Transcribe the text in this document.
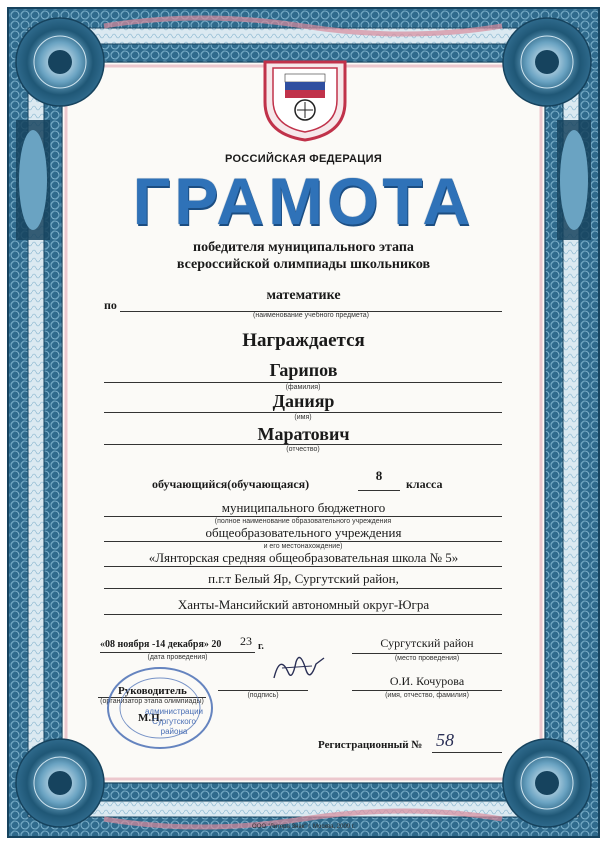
РОССИЙСКАЯ ФЕДЕРАЦИЯ
ГРАМОТА
победителя муниципального этапа
всероссийской олимпиады школьников
по
математике
(наименование учебного предмета)
Награждается
Гарипов
(фамилия)
Данияр
(имя)
Маратович
(отчество)
обучающийся(обучающаяся)
8
класса
муниципального бюджетного
(полное наименование образовательного учреждения
общеобразовательного учреждения
и его местонахождение)
«Лянторская средняя общеобразовательная школа № 5»
п.г.т Белый Яр, Сургутский район,
Ханты-Мансийский автономный округ-Югра
«08 ноября -14 декабря» 20 23 г.
(дата проведения)
Сургутский район
(место проведения)
Руководитель
(организатор этапа олимпиады)
М.П.
администрации
Сургутского
района
(подпись)
О.И. Кочурова
(имя, отчество, фамилия)
Регистрационный № 58
ООО "Литера Знак" г. Москва, 2009 г.
